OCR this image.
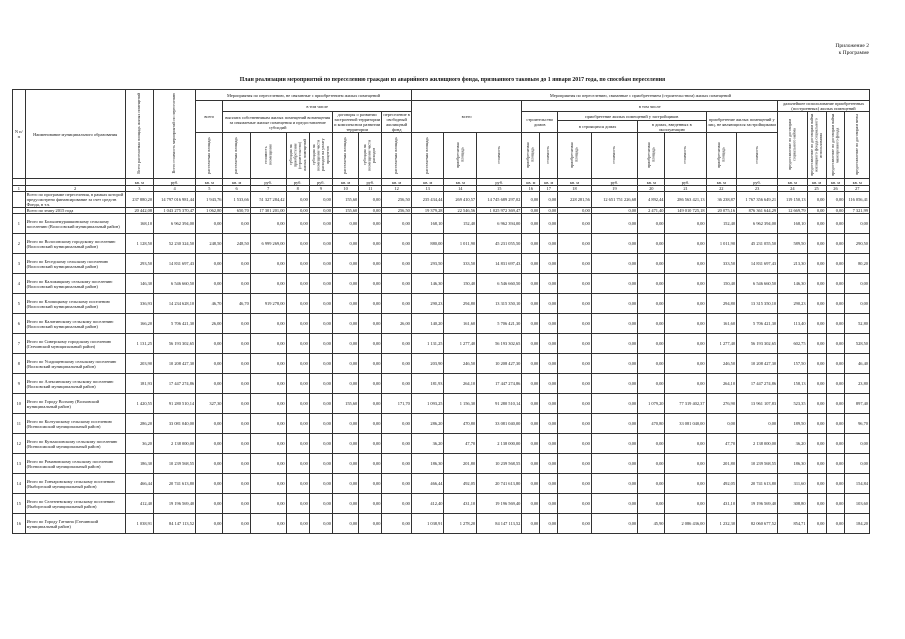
Приложение 2
к Программе
План реализации мероприятий по переселению граждан из аварийного жилищного фонда, признанного таковым до 1 января 2017 года, по способам переселения
N п/п	Наименование муниципального образования	Всего расселяемая площадь жилых помещений	Всего стоимость мероприятий по переселению	Мероприятия по переселению, не связанные с приобретением жилых помещений								Мероприятия по переселению, связанные с приобретением (строительством) жилых помещений														
				всего	в том числе							всего			в том числе								дальнейшее использование приобретенных (построенных) жилых помещений			
					выплата собственникам жилых помещений возмещения за изымаемые жилые помещения и предоставление субсидий				договоры о развитии застроенной территории и комплексном развитии территории		переселение в свободный жилищный фонд				строительство домов		приобретение жилых помещений у застройщиков				приобретение жилых помещений у лиц, не являющихся застройщиками		предоставление по договорам социального найма	предоставление по договорам найма жилищного фонда социального использования	предоставление по договорам найма маневренного фонда	предоставление по договорам мены
																	в строящихся домах		в домах, введенных в эксплуатацию							
				расселяемая площадь	расселяемая площадь	стоимость возмещения	субсидия на приобретение (строительство) жилых помещений	субсидия на возмещение части расходов на уплату процентов	расселяемая площадь	субсидия на возмещение части расходов	расселяемая площадь	расселяемая площадь	приобретаемая площадь	стоимость	приобретаемая площадь	стоимость	приобретаемая площадь	стоимость	приобретаемая площадь	стоимость	приобретаемая площадь	стоимость				
		кв. м	руб.	кв. м	кв. м	руб.	руб.	руб.	кв. м	руб.	кв. м	кв. м	кв. м	руб.	кв. м	кв. м	кв. м	руб.	кв. м	руб.	кв. м	руб.	кв. м	кв. м	кв. м	кв. м
1	2	3	4	5	6	7	8	9	10	11	12	13	14	15	16	17	18	19	20	21	22	23	24	25	26	27
	Всего по программе переселения, в рамках которой предусмотрено финансирование за счет средств Фонда, в т.ч.	237 880,20	14 797 016 981,44	1 943,76	1 533,66	51 327 284,42	0,00	0,00	155,60	0,00	256,50	235 434,44	269 410,57	14 745 689 297,02	0,00	0,00	228 281,56	12 651 751 226,68	4 892,44	286 563 421,13	36 238,87	1 767 356 649,21	119 150,13	0,00	0,00	116 056,41
	Всего по этапу 2015 года	20 442,08	1 043 275 370,47	1 062,80	650,70	17 301 201,00	0,00	0,00	155,60	0,00	256,50	19 379,28	22 546,56	1 025 972 369,47	0,00	0,00	0,00	0,00	2 471,40	149 010 725,18	20 075,16	876 361 644,29	12 669,79	0,00	0,00	7 321,99
1	Итого по Большемурашкинскому сельскому поселению (Волосовский муниципальный район)	168,10	6 962 394,00	0,00	0,00	0,00	0,00	0,00	0,00	0,00	0,00	168,10	152,40	6 962 394,00	0,00	0,00	0,00	0,00	0,00	0,00	152,40	6 962 394,00	168,10	0,00	0,00	0,00
2	Итого по Волосовскому городскому поселению (Волосовский муниципальный район)	1 128,50	52 230 324,50	248,50	248,50	6 999 269,00	0,00	0,00	0,00	0,00	0,00	880,00	1 011,90	45 231 055,50	0,00	0,00	0,00	0,00	0,00	0,00	1 011,90	45 231 055,50	589,50	0,00	0,00	290,50
3	Итого по Беседскому сельскому поселению (Волосовский муниципальный район)	293,50	14 831 697,43	0,00	0,00	0,00	0,00	0,00	0,00	0,00	0,00	293,50	333,50	14 831 697,43	0,00	0,00	0,00	0,00	0,00	0,00	333,50	14 831 697,43	213,30	0,00	0,00	80,20
4	Итого по Каложицкому сельскому поселению (Волосовский муниципальный район)	146,30	6 546 660,50	0,00	0,00	0,00	0,00	0,00	0,00	0,00	0,00	146,30	150,40	6 546 660,50	0,00	0,00	0,00	0,00	0,00	0,00	150,40	6 546 660,50	146,30	0,00	0,00	0,00
5	Итого по Клопицкому сельскому поселению (Волосовский муниципальный район)	336,93	14 234 628,10	46,70	46,70	919 278,00	0,00	0,00	0,00	0,00	0,00	290,23	294,80	13 315 350,10	0,00	0,00	0,00	0,00	0,00	0,00	294,80	13 315 350,10	290,23	0,00	0,00	0,00
6	Итого по Калитинскому сельскому поселению (Волосовский муниципальный район)	166,20	5 706 421,30	26,00	0,00	0,00	0,00	0,00	0,00	0,00	26,00	140,20	161,60	5 706 421,30	0,00	0,00	0,00	0,00	0,00	0,00	161,60	5 706 421,30	113,40	0,00	0,00	52,80
7	Итого по Сиверскому городскому поселению (Гатчинский муниципальный район)	1 131,25	56 193 302,65	0,00	0,00	0,00	0,00	0,00	0,00	0,00	0,00	1 131,25	1 277,40	56 193 302,65	0,00	0,00	0,00	0,00	0,00	0,00	1 277,40	56 193 302,65	602,75	0,00	0,00	528,50
8	Итого по Усадищенскому сельскому поселению (Волховский муниципальный район)	203,90	10 208 427,30	0,00	0,00	0,00	0,00	0,00	0,00	0,00	0,00	203,90	246,50	10 208 427,30	0,00	0,00	0,00	0,00	0,00	0,00	246,50	10 208 427,30	157,50	0,00	0,00	46,40
9	Итого по Алексинскому сельскому поселению (Волховский муниципальный район)	181,93	17 447 274,86	0,00	0,00	0,00	0,00	0,00	0,00	0,00	0,00	181,93	264,10	17 447 274,86	0,00	0,00	0,00	0,00	0,00	0,00	264,10	17 447 274,86	158,13	0,00	0,00	23,80
10	Итого по Городу Волхову (Волховский муниципальный район)	1 420,55	91 280 510,14	327,30	0,00	0,00	0,00	0,00	155,60	0,00	171,70	1 093,25	1 156,30	91 280 510,14	0,00	0,00	0,00	0,00	1 079,20	77 319 402,37	276,90	13 961 107,83	523,35	0,00	0,00	897,40
11	Итого по Колтушскому сельскому поселению (Всеволожский муниципальный район)	286,20	33 081 040,00	0,00	0,00	0,00	0,00	0,00	0,00	0,00	0,00	286,20	470,80	33 081 040,00	0,00	0,00	0,00	0,00	470,80	33 081 040,00	0,00	0,00	189,50	0,00	0,00	96,70
12	Итого по Кузьмоловскому сельскому поселению (Всеволожский муниципальный район)	36,20	2 138 000,00	0,00	0,00	0,00	0,00	0,00	0,00	0,00	0,00	36,20	47,70	2 138 000,00	0,00	0,00	0,00	0,00	0,00	0,00	47,70	2 138 000,00	36,20	0,00	0,00	0,00
13	Итого по Романовскому сельскому поселению (Всеволожский муниципальный район)	186,30	10 239 568,55	0,00	0,00	0,00	0,00	0,00	0,00	0,00	0,00	186,30	201,80	10 239 568,55	0,00	0,00	0,00	0,00	0,00	0,00	201,80	10 239 568,55	186,30	0,00	0,00	0,00
14	Итого по Гончаровскому сельскому поселению (Выборгский муниципальный район)	466,44	20 741 613,80	0,00	0,00	0,00	0,00	0,00	0,00	0,00	0,00	466,44	492,05	20 741 613,80	0,00	0,00	0,00	0,00	0,00	0,00	492,05	20 741 613,80	311,60	0,00	0,00	154,84
15	Итого по Селезневскому сельскому поселению (Выборгский муниципальный район)	412,40	19 196 569,40	0,00	0,00	0,00	0,00	0,00	0,00	0,00	0,00	412,40	431,10	19 196 569,40	0,00	0,00	0,00	0,00	0,00	0,00	431,10	19 196 569,40	308,80	0,00	0,00	103,60
16	Итого по Городу Гатчина (Гатчинский муниципальный район)	1 038,91	84 147 113,52	0,00	0,00	0,00	0,00	0,00	0,00	0,00	0,00	1 038,91	1 278,20	84 147 113,52	0,00	0,00	0,00	0,00	45,90	2 086 436,00	1 232,30	82 060 677,52	854,71	0,00	0,00	184,20
